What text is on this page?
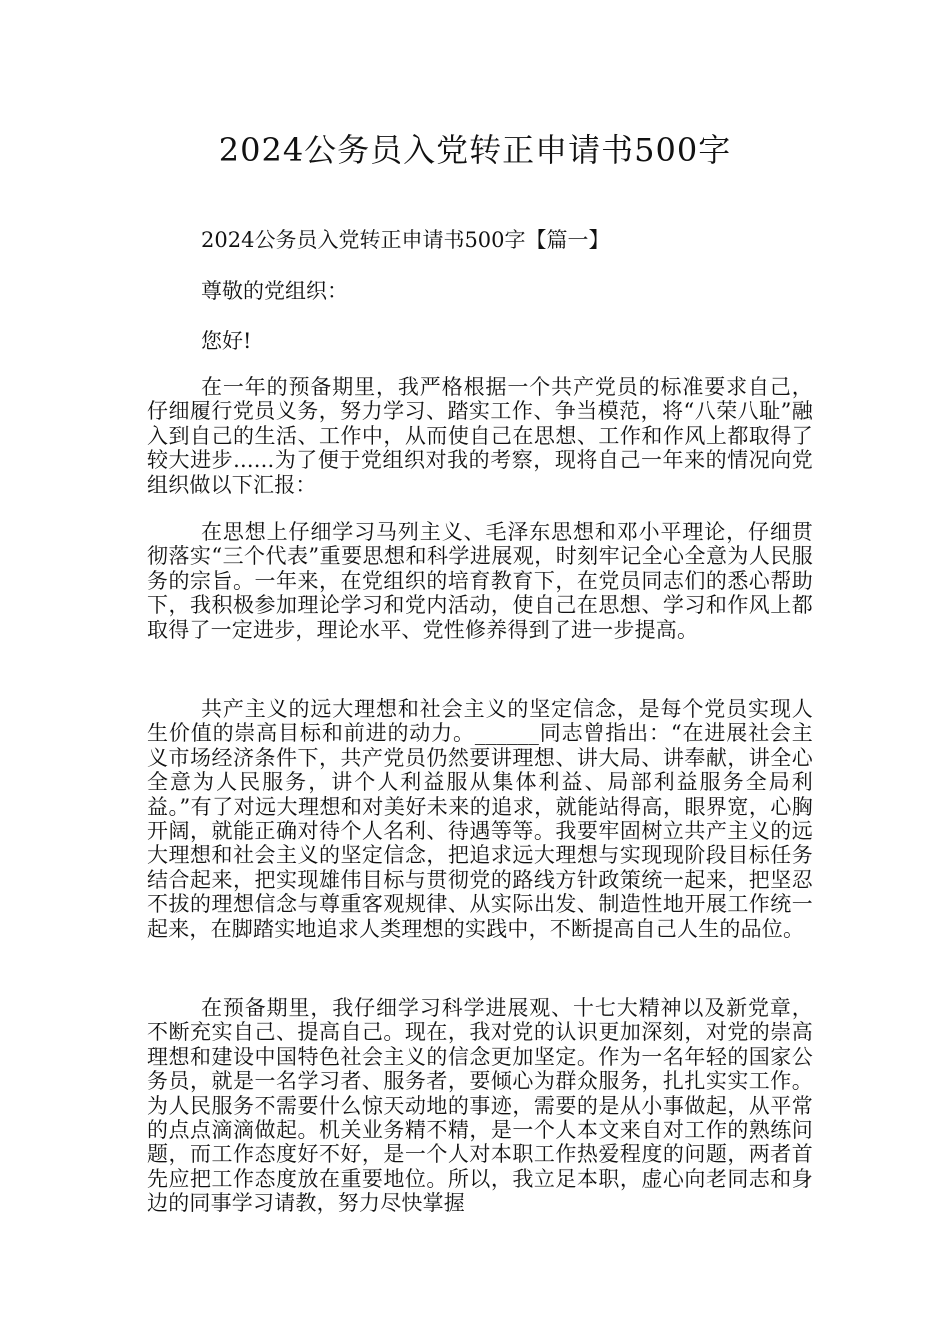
2024公务员入党转正申请书500字
2024公务员入党转正申请书500字【篇一】
尊敬的党组织：
您好!
在一年的预备期里，我严格根据一个共产党员的标准要求自己，仔细履行党员义务，努力学习、踏实工作、争当模范，将“八荣八耻”融入到自己的生活、工作中，从而使自己在思想、工作和作风上都取得了较大进步......为了便于党组织对我的考察，现将自己一年来的情况向党组织做以下汇报：
在思想上仔细学习马列主义、毛泽东思想和邓小平理论，仔细贯彻落实“三个代表”重要思想和科学进展观，时刻牢记全心全意为人民服务的宗旨。一年来，在党组织的培育教育下，在党员同志们的悉心帮助下，我积极参加理论学习和党内活动，使自己在思想、学习和作风上都取得了一定进步，理论水平、党性修养得到了进一步提高。
共产主义的远大理想和社会主义的坚定信念，是每个党员实现人生价值的崇高目标和前进的动力。______同志曾指出：“在进展社会主义市场经济条件下，共产党员仍然要讲理想、讲大局、讲奉献，讲全心全意为人民服务，讲个人利益服从集体利益、局部利益服务全局利益。”有了对远大理想和对美好未来的追求，就能站得高，眼界宽，心胸开阔，就能正确对待个人名利、待遇等等。我要牢固树立共产主义的远大理想和社会主义的坚定信念，把追求远大理想与实现现阶段目标任务结合起来，把实现雄伟目标与贯彻党的路线方针政策统一起来，把坚忍不拔的理想信念与尊重客观规律、从实际出发、制造性地开展工作统一起来，在脚踏实地追求人类理想的实践中，不断提高自己人生的品位。
在预备期里，我仔细学习科学进展观、十七大精神以及新党章，不断充实自己、提高自己。现在，我对党的认识更加深刻，对党的崇高理想和建设中国特色社会主义的信念更加坚定。作为一名年轻的国家公务员，就是一名学习者、服务者，要倾心为群众服务，扎扎实实工作。为人民服务不需要什么惊天动地的事迹，需要的是从小事做起，从平常的点点滴滴做起。机关业务精不精，是一个人本文来自对工作的熟练问题，而工作态度好不好，是一个人对本职工作热爱程度的问题，两者首先应把工作态度放在重要地位。所以，我立足本职，虚心向老同志和身边的同事学习请教，努力尽快掌握
